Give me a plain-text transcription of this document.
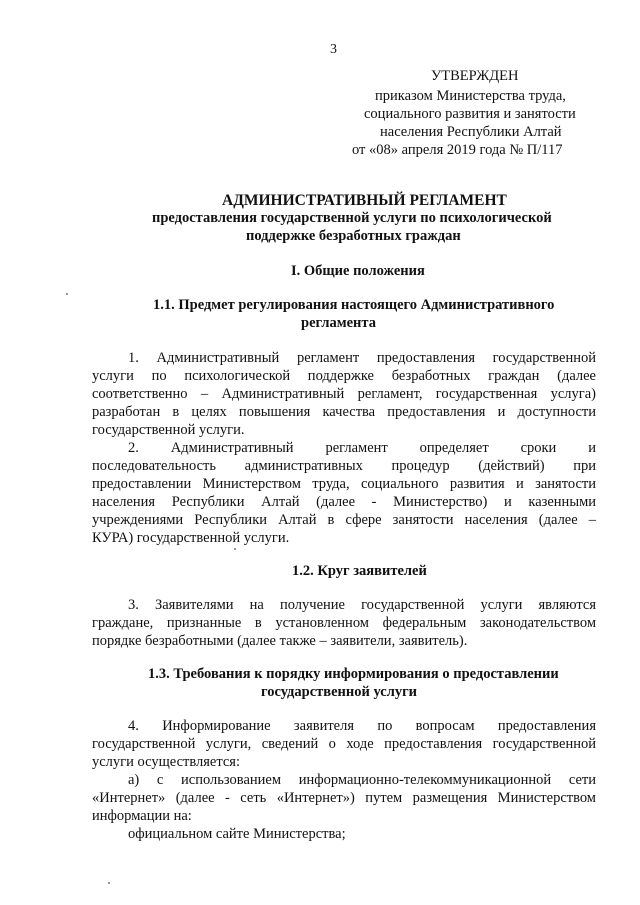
3
УТВЕРЖДЕН
приказом Министерства труда,
социального развития и занятости
населения Республики Алтай
от «08» апреля 2019 года № П/117
АДМИНИСТРАТИВНЫЙ РЕГЛАМЕНТ
предоставления государственной услуги по психологической
поддержке безработных граждан
I. Общие положения
1.1. Предмет регулирования настоящего Административного
регламента
1. Административный регламент предоставления государственной
услуги по психологической поддержке безработных граждан (далее
соответственно – Административный регламент, государственная услуга)
разработан в целях повышения качества предоставления и доступности
государственной услуги.
2. Административный регламент определяет сроки и
последовательность административных процедур (действий) при
предоставлении Министерством труда, социального развития и занятости
населения Республики Алтай (далее - Министерство) и казенными
учреждениями Республики Алтай в сфере занятости населения (далее –
КУРА) государственной услуги.
1.2. Круг заявителей
3. Заявителями на получение государственной услуги являются
граждане, признанные в установленном федеральным законодательством
порядке безработными (далее также – заявители, заявитель).
1.3. Требования к порядку информирования о предоставлении
государственной услуги
4. Информирование заявителя по вопросам предоставления
государственной услуги, сведений о ходе предоставления государственной
услуги осуществляется:
а) с использованием информационно-телекоммуникационной сети
«Интернет» (далее - сеть «Интернет») путем размещения Министерством
информации на:
официальном сайте Министерства;
